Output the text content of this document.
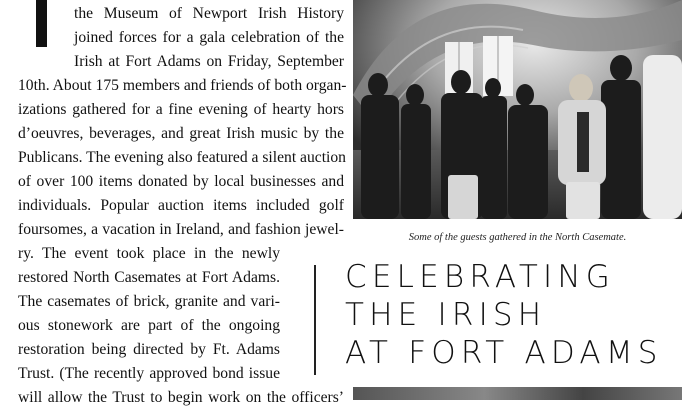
the Museum of Newport Irish History
joined forces for a gala celebration of the
Irish at Fort Adams on Friday, September
10th. About 175 members and friends of both organ-
izations gathered for a fine evening of hearty hors
d’oeuvres, beverages, and great Irish music by the
Publicans. The evening also featured a silent auction
of over 100 items donated by local businesses and
individuals. Popular auction items included golf
foursomes, a vacation in Ireland, and fashion jewel-
ry. The event took place in the newly
restored North Casemates at Fort Adams.
The casemates of brick, granite and vari-
ous stonework are part of the ongoing
restoration being directed by Ft. Adams
Trust. (The recently approved bond issue
will allow the Trust to begin work on the officers’
Some of the guests gathered in the North Casemate.
CELEBRATING
THE IRISH
AT FORT ADAMS
